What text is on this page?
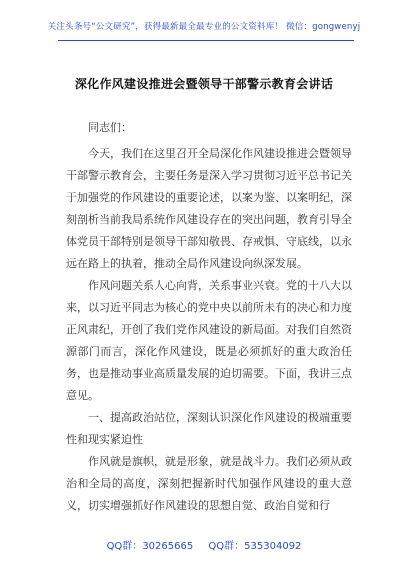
关注头条号“公文研究”，获得最新最全最专业的公文资料库！ 微信：gongwenyj
深化作风建设推进会暨领导干部警示教育会讲话

同志们：

今天，我们在这里召开全局深化作风建设推进会暨领导干部警示教育会，主要任务是深入学习贯彻习近平总书记关于加强党的作风建设的重要论述，以案为鉴、以案明纪，深刻剖析当前我局系统作风建设存在的突出问题，教育引导全体党员干部特别是领导干部知敬畏、存戒惧、守底线，以永远在路上的执着，推动全局作风建设向纵深发展。

作风问题关系人心向背，关系事业兴衰。党的十八大以来，以习近平同志为核心的党中央以前所未有的决心和力度正风肃纪，开创了我们党作风建设的新局面。对我们自然资源部门而言，深化作风建设，既是必须抓好的重大政治任务，也是推动事业高质量发展的迫切需要。下面，我讲三点意见。

一、提高政治站位，深刻认识深化作风建设的极端重要性和现实紧迫性

作风就是旗帜，就是形象，就是战斗力。我们必须从政治和全局的高度，深刻把握新时代加强作风建设的重大意义，切实增强抓好作风建设的思想自觉、政治自觉和行

QQ群：30265665 QQ群：535304092
